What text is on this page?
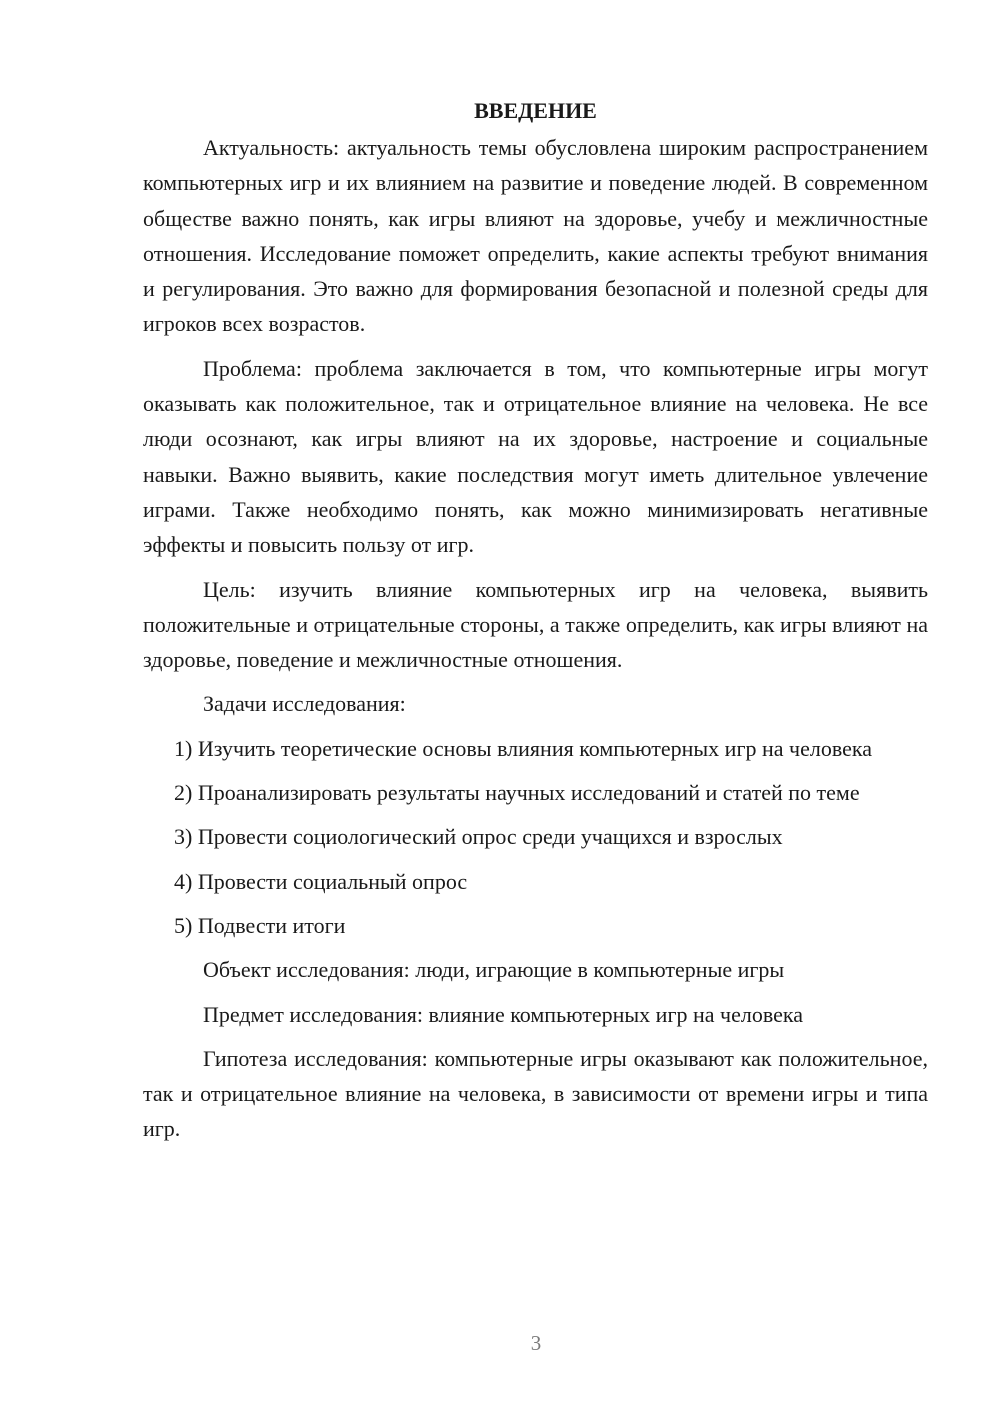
ВВЕДЕНИЕ

Актуальность: актуальность темы обусловлена широким распространением компьютерных игр и их влиянием на развитие и поведение людей. В современном обществе важно понять, как игры влияют на здоровье, учебу и межличностные отношения. Исследование поможет определить, какие аспекты требуют внимания и регулирования. Это важно для формирования безопасной и полезной среды для игроков всех возрастов.

Проблема: проблема заключается в том, что компьютерные игры могут оказывать как положительное, так и отрицательное влияние на человека. Не все люди осознают, как игры влияют на их здоровье, настроение и социальные навыки. Важно выявить, какие последствия могут иметь длительное увлечение играми. Также необходимо понять, как можно минимизировать негативные эффекты и повысить пользу от игр.

Цель: изучить влияние компьютерных игр на человека, выявить положительные и отрицательные стороны, а также определить, как игры влияют на здоровье, поведение и межличностные отношения.

Задачи исследования:

1) Изучить теоретические основы влияния компьютерных игр на человека

2) Проанализировать результаты научных исследований и статей по теме

3) Провести социологический опрос среди учащихся и взрослых

4) Провести социальный опрос

5) Подвести итоги

Объект исследования: люди, играющие в компьютерные игры

Предмет исследования: влияние компьютерных игр на человека

Гипотеза исследования: компьютерные игры оказывают как положительное, так и отрицательное влияние на человека, в зависимости от времени игры и типа игр.

3
